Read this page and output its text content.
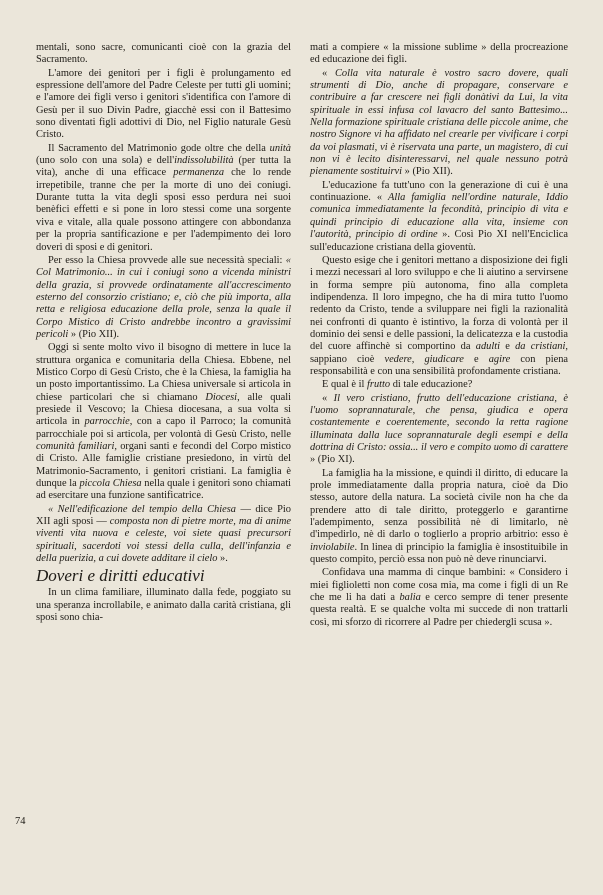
mentali, sono sacre, comunicanti cioè con la grazia del Sacramento.

L'amore dei genitori per i figli è prolungamento ed espressione dell'amore del Padre Celeste per tutti gli uomini; e l'amore dei figli verso i genitori s'identifica con l'amore di Gesù per il suo Divin Padre, giacchè essi con il Battesimo sono diventati figli adottivi di Dio, nel Figlio naturale Gesù Cristo.

Il Sacramento del Matrimonio gode oltre che della unità (uno solo con una sola) e dell'indissolubilità (per tutta la vita), anche di una efficace permanenza che lo rende irrepetibile, tranne che per la morte di uno dei coniugi. Durante tutta la vita degli sposi esso perdura nei suoi benèfici effetti e si pone in loro stessi come una sorgente viva e vitale, alla quale possono attingere con abbondanza per la propria santificazione e per l'adempimento dei loro doveri di sposi e di genitori.

Per esso la Chiesa provvede alle sue necessità speciali: « Col Matrimonio... in cui i coniugi sono a vicenda ministri della grazia, si provvede ordinatamente all'accrescimento esterno del consorzio cristiano; e, ciò che più importa, alla retta e religiosa educazione della prole, senza la quale il Corpo Mistico di Cristo andrebbe incontro a gravissimi pericoli » (Pio XII).

Oggi si sente molto vivo il bisogno di mettere in luce la struttura organica e comunitaria della Chiesa. Ebbene, nel Mistico Corpo di Gesù Cristo, che è la Chiesa, la famiglia ha un posto importantissimo. La Chiesa universale si articola in chiese particolari che si chiamano Diocesi, alle quali presiede il Vescovo; la Chiesa diocesana, a sua volta si articola in parrocchie, con a capo il Parroco; la comunità parrocchiale poi si articola, per volontà di Gesù Cristo, nelle comunità familiari, organi santi e fecondi del Corpo mistico di Cristo. Alle famiglie cristiane presiedono, in virtù del Matrimonio-Sacramento, i genitori cristiani. La famiglia è dunque la piccola Chiesa nella quale i genitori sono chiamati ad esercitare una funzione santificatrice.

« Nell'edificazione del tempio della Chiesa — dice Pio XII agli sposi — composta non di pietre morte, ma di anime viventi vita nuova e celeste, voi siete quasi precursori spirituali, sacerdoti voi stessi della culla, dell'infanzia e della puerizia, a cui dovete additare il cielo ».

Doveri e diritti educativi

In un clima familiare, illuminato dalla fede, poggiato su una speranza incrollabile, e animato dalla carità cristiana, gli sposi sono chia-

mati a compiere « la missione sublime » della procreazione ed educazione dei figli.

« Colla vita naturale è vostro sacro dovere, quali strumenti di Dio, anche di propagare, conservare e contribuire a far crescere nei figli donàtivi da Lui, la vita spirituale in essi infusa col lavacro del santo Battesimo... Nella formazione spirituale cristiana delle piccole anime, che nostro Signore vi ha affidato nel crearle per vivificare i corpi da voi plasmati, vi è riservata una parte, un magistero, di cui non vi è lecito disinteressarvi, nel quale nessuno potrà pienamente sostituirvi » (Pio XII).

L'educazione fa tutt'uno con la generazione di cui è una continuazione. « Alla famiglia nell'ordine naturale, Iddio comunica immediatamente la fecondità, principio di vita e quindi principio di educazione alla vita, insieme con l'autorità, principio di ordine ». Così Pio XI nell'Enciclica sull'educazione cristiana della gioventù.

Questo esige che i genitori mettano a disposizione dei figli i mezzi necessari al loro sviluppo e che li aiutino a servirsene in forma sempre più autonoma, fino alla completa indipendenza. Il loro impegno, che ha di mira tutto l'uomo redento da Cristo, tende a sviluppare nei figli la razionalità nei confronti di quanto è istintivo, la forza di volontà per il dominio dei sensi e delle passioni, la delicatezza e la custodia del cuore affinchè si comportino da adulti e da cristiani, sappiano cioè vedere, giudicare e agire con piena responsabilità e con una sensibilità profondamente cristiana.

E qual è il frutto di tale educazione?

« Il vero cristiano, frutto dell'educazione cristiana, è l'uomo soprannaturale, che pensa, giudica e opera costantemente e coerentemente, secondo la retta ragione illuminata dalla luce soprannaturale degli esempi e della dottrina di Cristo: ossia... il vero e compito uomo di carattere » (Pio XI).

La famiglia ha la missione, e quindi il diritto, di educare la prole immediatamente dalla propria natura, cioè da Dio stesso, autore della natura. La società civile non ha che da prendere atto di tale diritto, proteggerlo e garantirne l'adempimento, senza possibilità nè di limitarlo, nè d'impedirlo, nè di darlo o toglierlo a proprio arbitrio: esso è inviolabile. In linea di principio la famiglia è insostituibile in questo compito, perciò essa non può nè deve rinunciarvi.

Confidava una mamma di cinque bambini: « Considero i miei figlioletti non come cosa mia, ma come i figli di un Re che me li ha dati a balia e cerco sempre di tener presente questa realtà. E se qualche volta mi succede di non trattarli così, mi sforzo di ricorrere al Padre per chiedergli scusa ».

74
